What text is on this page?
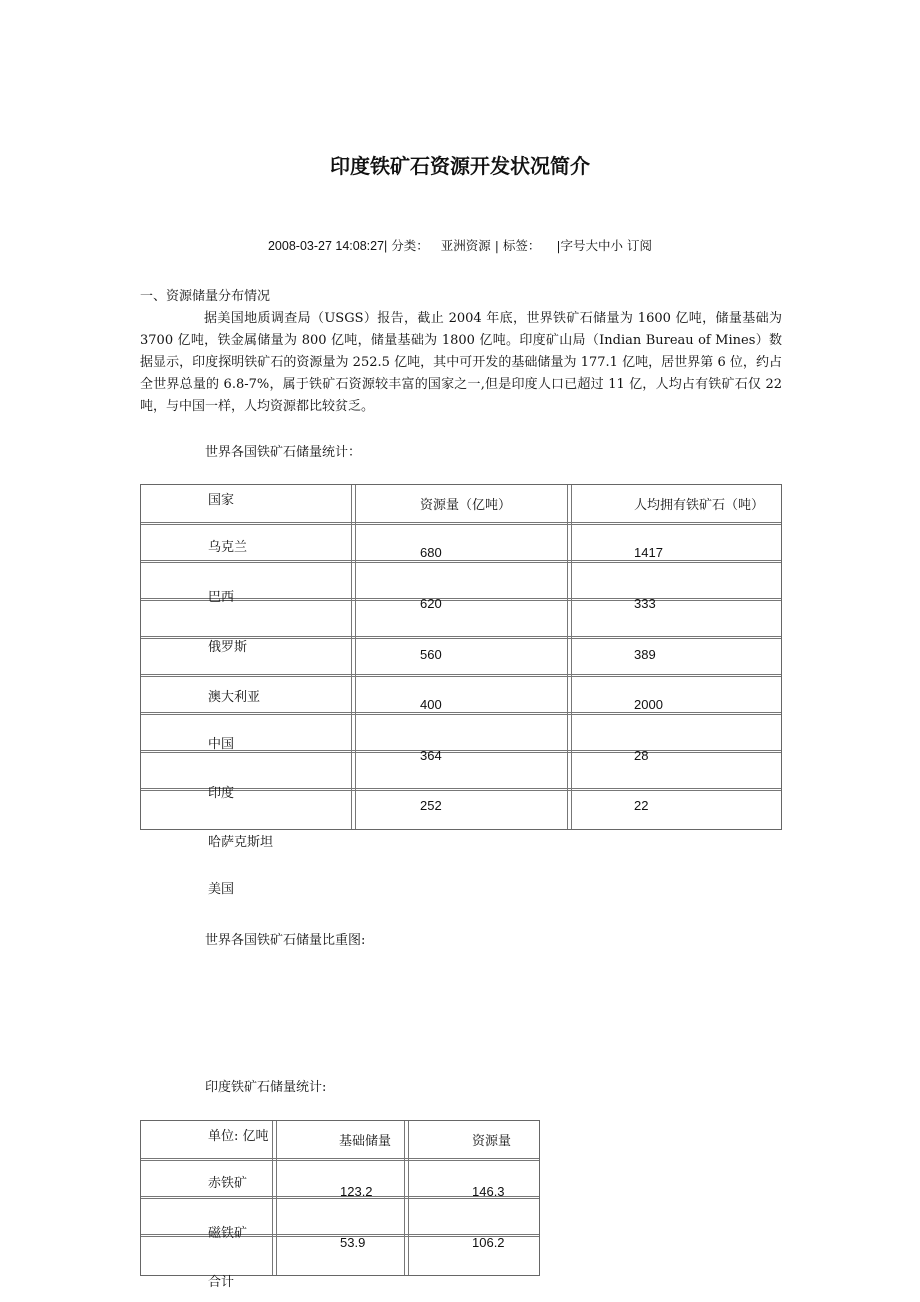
印度铁矿石资源开发状况简介
2008-03-27 14:08:27| 分类： 亚洲资源 | 标签： |字号大中小 订阅
一、资源储量分布情况

据美国地质调查局（USGS）报告，截止 2004 年底，世界铁矿石储量为 1600 亿吨，储量基础为 3700 亿吨，铁金属储量为 800 亿吨，储量基础为 1800 亿吨。印度矿山局（Indian Bureau of Mines）数据显示，印度探明铁矿石的资源量为 252.5 亿吨，其中可开发的基础储量为 177.1 亿吨，居世界第 6 位，约占全世界总量的 6.8-7%，属于铁矿石资源较丰富的国家之一,但是印度人口已超过 11 亿，人均占有铁矿石仅 22 吨，与中国一样，人均资源都比较贫乏。

世界各国铁矿石储量统计：
资源量（亿吨）	人均拥有铁矿石（吨）
680
620
560
400
364
252
1417
333
389
2000
28
22
国家
乌克兰
巴西
俄罗斯
澳大利亚
中国
印度
哈萨克斯坦
美国
世界各国铁矿石储量比重图:
印度铁矿石储量统计:
基础储量	资源量
123.2
53.9
146.3
106.2
单位: 亿吨
赤铁矿
磁铁矿
合计
